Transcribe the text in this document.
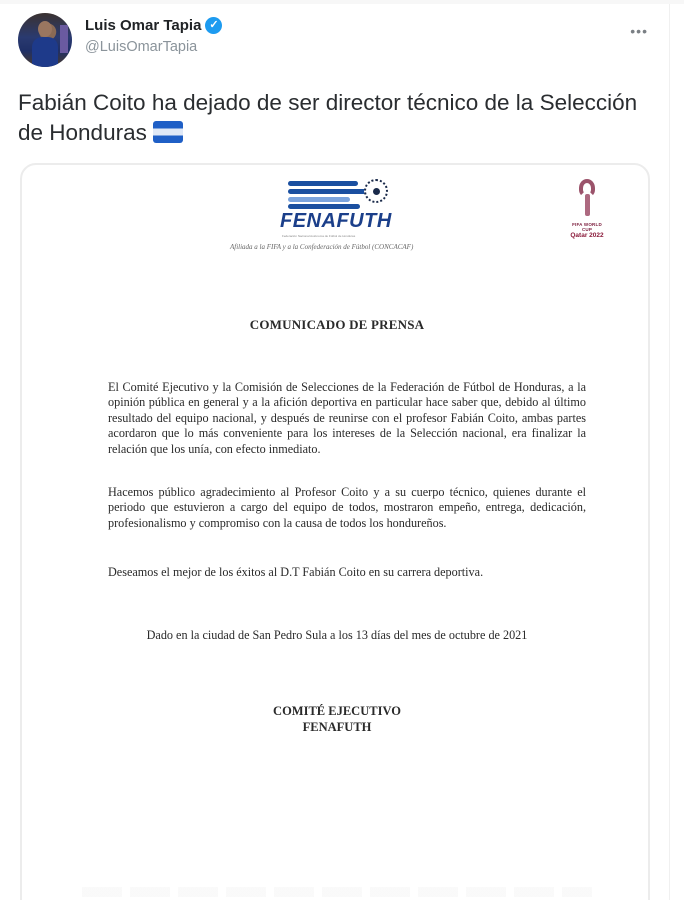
Luis Omar Tapia ✓
@LuisOmarTapia
•••
Fabián Coito ha dejado de ser director técnico de la Selección de Honduras
FENAFUTH
Federación Nacional Autónoma de Fútbol de Honduras
Afiliada a la FIFA y a la Confederación de Fútbol (CONCACAF)
FIFA WORLD CUP
Qatar 2022
COMUNICADO DE PRENSA

El Comité Ejecutivo y la Comisión de Selecciones de la Federación de Fútbol de Honduras, a la opinión pública en general y a la afición deportiva en particular hace saber que, debido al último resultado del equipo nacional, y después de reunirse con el profesor Fabián Coito, ambas partes acordaron que lo más conveniente para los intereses de la Selección nacional, era finalizar la relación que los unía, con efecto inmediato.

Hacemos público agradecimiento al Profesor Coito y a su cuerpo técnico, quienes durante el periodo que estuvieron a cargo del equipo de todos, mostraron empeño, entrega, dedicación, profesionalismo y compromiso con la causa de todos los hondureños.

Deseamos el mejor de los éxitos al D.T Fabián Coito en su carrera deportiva.

Dado en la ciudad de San Pedro Sula a los 13 días del mes de octubre de 2021
COMITÉ EJECUTIVO
FENAFUTH
